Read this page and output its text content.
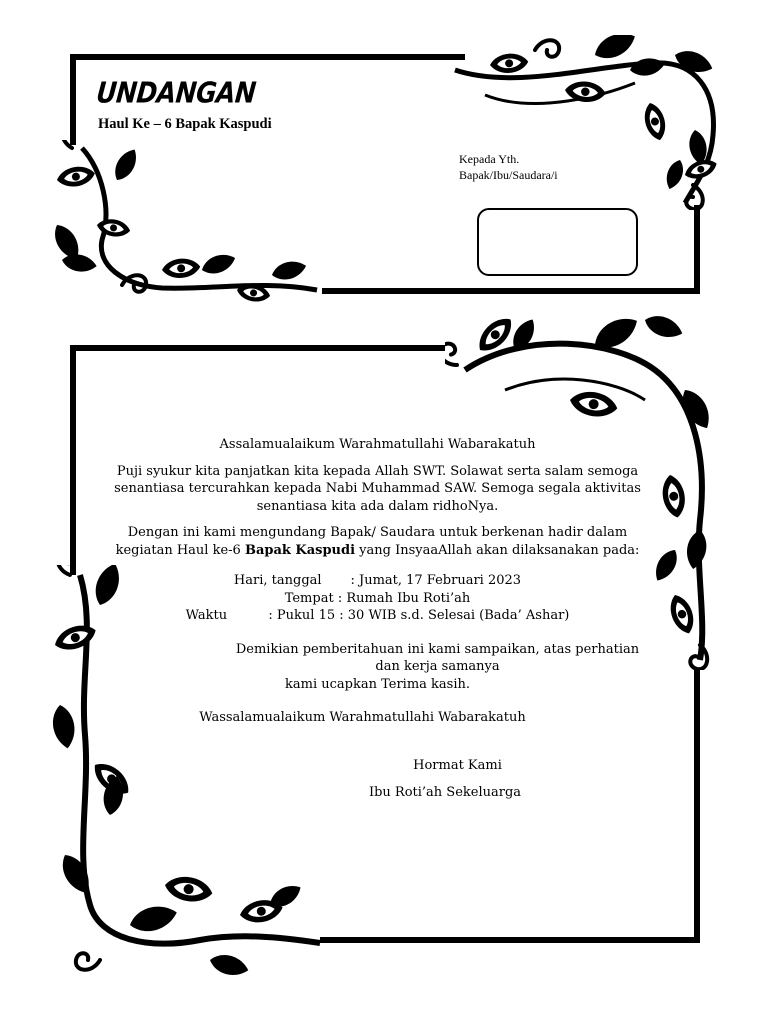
UNDANGAN
Haul Ke – 6 Bapak Kaspudi
Kepada Yth.
Bapak/Ibu/Saudara/i

Assalamualaikum Warahmatullahi Wabarakatuh

Puji syukur kita panjatkan kita kepada Allah SWT. Solawat serta salam semoga senantiasa tercurahkan kepada Nabi Muhammad SAW. Semoga segala aktivitas senantiasa kita ada dalam ridhoNya.

Dengan ini kami mengundang Bapak/ Saudara untuk berkenan hadir dalam kegiatan Haul ke-6 Bapak Kaspudi yang InsyaaAllah akan dilaksanakan pada:

Hari, tanggal       : Jumat, 17 Februari 2023

Tempat : Rumah Ibu Roti’ah

Waktu          : Pukul 15 : 30 WIB s.d. Selesai (Bada’ Ashar)

Demikian pemberitahuan ini kami sampaikan, atas perhatian dan kerja samanya

kami ucapkan Terima kasih.

Wassalamualaikum Warahmatullahi Wabarakatuh

Hormat Kami

Ibu Roti’ah Sekeluarga
